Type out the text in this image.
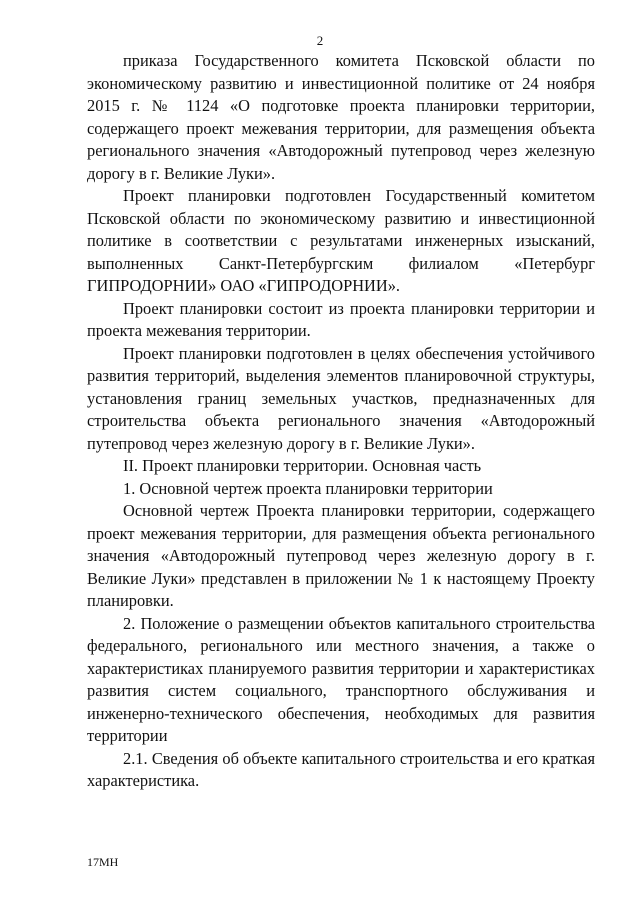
2

приказа Государственного комитета Псковской области по экономическому развитию и инвестиционной политике от 24 ноября 2015 г. № 1124 «О подготовке проекта планировки территории, содержащего проект межевания территории, для размещения объекта регионального значения «Автодорожный путепровод через железную дорогу в г. Великие Луки».

Проект планировки подготовлен Государственный комитетом Псковской области по экономическому развитию и инвестиционной политике в соответствии с результатами инженерных изысканий, выполненных Санкт-Петербургским филиалом «Петербург ГИПРОДОРНИИ» ОАО «ГИПРОДОРНИИ».

Проект планировки состоит из проекта планировки территории и проекта межевания территории.

Проект планировки подготовлен в целях обеспечения устойчивого развития территорий, выделения элементов планировочной структуры, установления границ земельных участков, предназначенных для строительства объекта регионального значения «Автодорожный путепровод через железную дорогу в г. Великие Луки».

II. Проект планировки территории. Основная часть

1. Основной чертеж проекта планировки территории

Основной чертеж Проекта планировки территории, содержащего проект межевания территории, для размещения объекта регионального значения «Автодорожный путепровод через железную дорогу в г. Великие Луки» представлен в приложении № 1 к настоящему Проекту планировки.

2. Положение о размещении объектов капитального строительства федерального, регионального или местного значения, а также о характеристиках планируемого развития территории и характеристиках развития систем социального, транспортного обслуживания и инженерно-технического обеспечения, необходимых для развития территории

2.1. Сведения об объекте капитального строительства и его краткая характеристика.

17МН
